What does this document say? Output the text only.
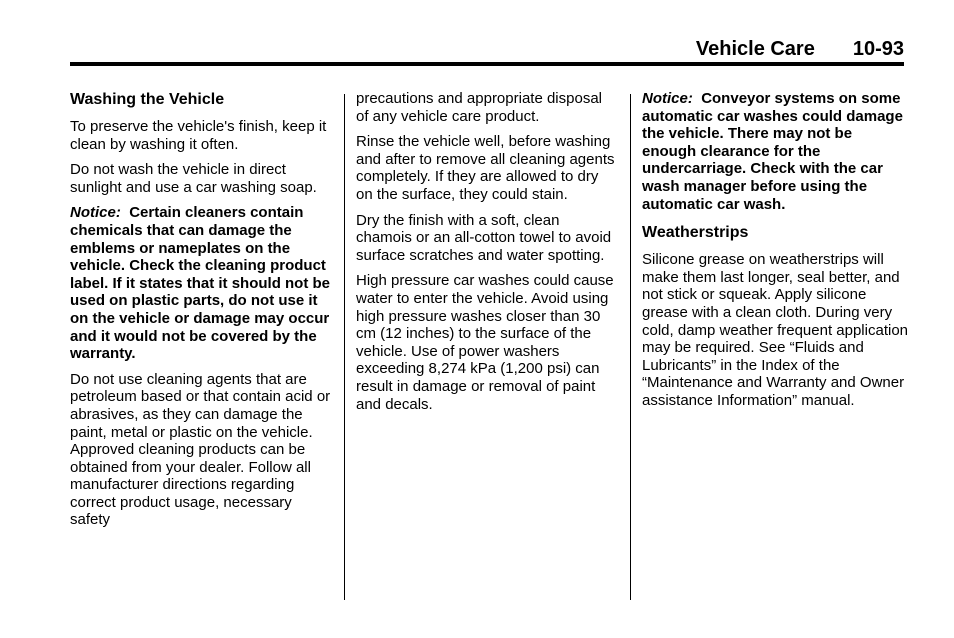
Vehicle Care 10-93
Washing the Vehicle

To preserve the vehicle's finish, keep it clean by washing it often.

Do not wash the vehicle in direct sunlight and use a car washing soap.

Notice: Certain cleaners contain chemicals that can damage the emblems or nameplates on the vehicle. Check the cleaning product label. If it states that it should not be used on plastic parts, do not use it on the vehicle or damage may occur and it would not be covered by the warranty.

Do not use cleaning agents that are petroleum based or that contain acid or abrasives, as they can damage the paint, metal or plastic on the vehicle. Approved cleaning products can be obtained from your dealer. Follow all manufacturer directions regarding correct product usage, necessary safety

precautions and appropriate disposal of any vehicle care product.

Rinse the vehicle well, before washing and after to remove all cleaning agents completely. If they are allowed to dry on the surface, they could stain.

Dry the finish with a soft, clean chamois or an all-cotton towel to avoid surface scratches and water spotting.

High pressure car washes could cause water to enter the vehicle. Avoid using high pressure washes closer than 30 cm (12 inches) to the surface of the vehicle. Use of power washers exceeding 8,274 kPa (1,200 psi) can result in damage or removal of paint and decals.

Notice: Conveyor systems on some automatic car washes could damage the vehicle. There may not be enough clearance for the undercarriage. Check with the car wash manager before using the automatic car wash.

Weatherstrips

Silicone grease on weatherstrips will make them last longer, seal better, and not stick or squeak. Apply silicone grease with a clean cloth. During very cold, damp weather frequent application may be required. See “Fluids and Lubricants” in the Index of the “Maintenance and Warranty and Owner assistance Information” manual.
